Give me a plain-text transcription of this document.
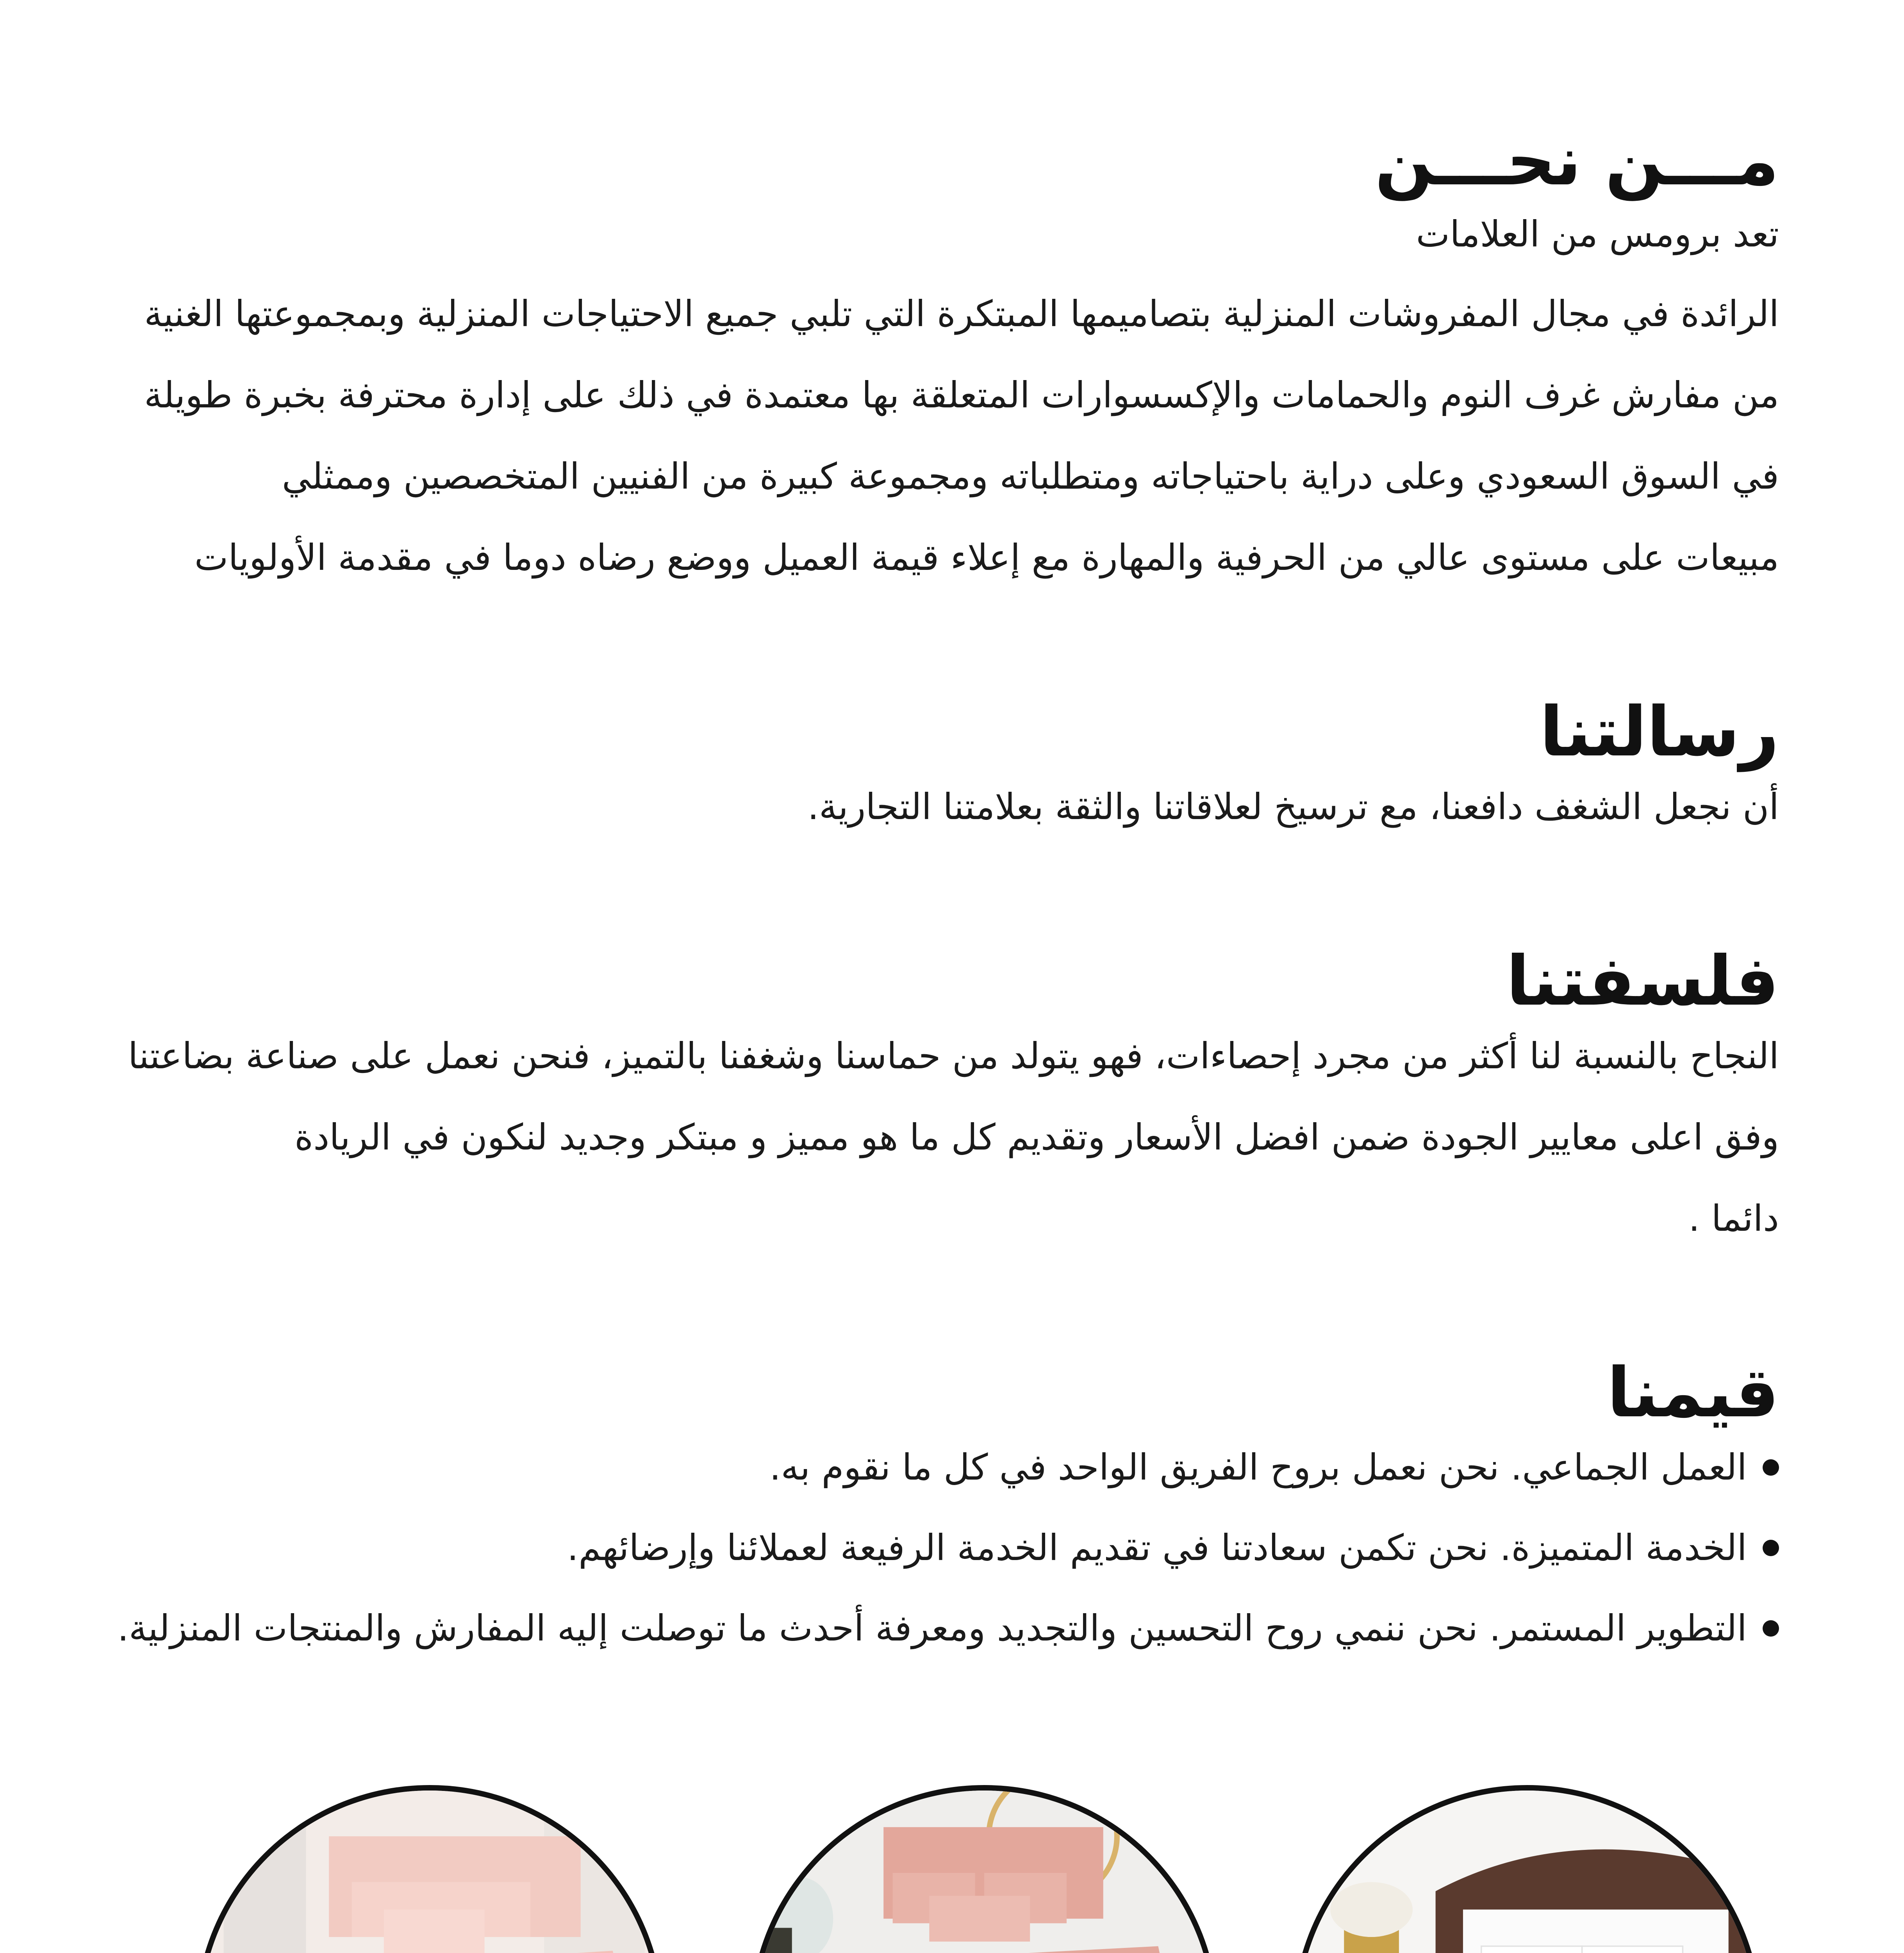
مـــن نحـــن

تعد برومس من العلامات

الرائدة في مجال المفروشات المنزلية بتصاميمها المبتكرة التي تلبي جميع الاحتياجات المنزلية وبمجموعتها الغنية

من مفارش غرف النوم والحمامات والإكسسوارات المتعلقة بها معتمدة في ذلك على إدارة محترفة بخبرة طويلة

في السوق السعودي وعلى دراية باحتياجاته ومتطلباته ومجموعة كبيرة من الفنيين المتخصصين وممثلي

مبيعات على مستوى عالي من الحرفية والمهارة مع إعلاء قيمة العميل ووضع رضاه دوما في مقدمة الأولويات

رسالتنا

أن نجعل الشغف دافعنا، مع ترسيخ لعلاقاتنا والثقة بعلامتنا التجارية.

فلسفتنا

النجاح بالنسبة لنا أكثر من مجرد إحصاءات، فهو يتولد من حماسنا وشغفنا بالتميز، فنحن نعمل على صناعة بضاعتنا

وفق اعلى معايير الجودة ضمن افضل الأسعار وتقديم كل ما هو مميز و مبتكر وجديد لنكون في الريادة

دائما .

قيمنا
العمل الجماعي. نحن نعمل بروح الفريق الواحد في كل ما نقوم به.
الخدمة المتميزة. نحن تكمن سعادتنا في تقديم الخدمة الرفيعة لعملائنا وإرضائهم.
التطوير المستمر. نحن ننمي روح التحسين والتجديد ومعرفة أحدث ما توصلت إليه المفارش والمنتجات المنزلية.
